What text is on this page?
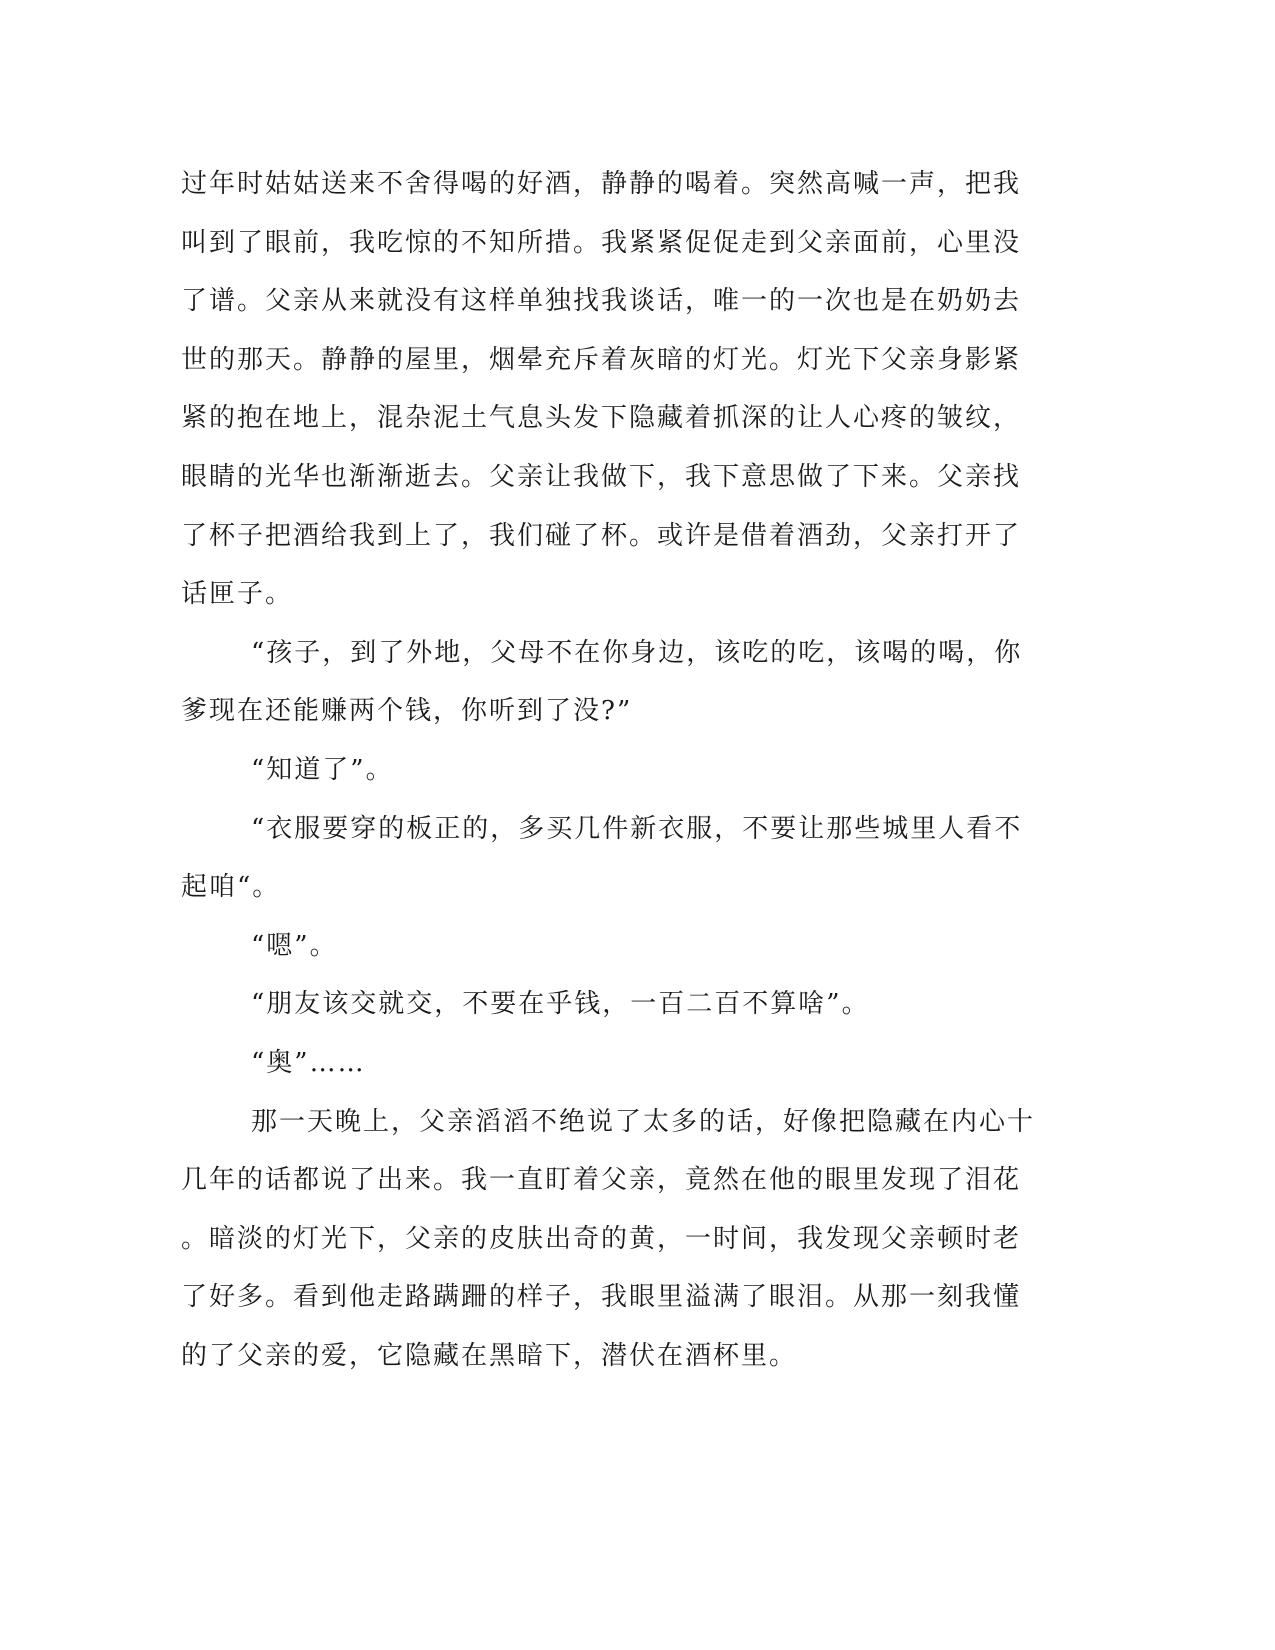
过年时姑姑送来不舍得喝的好酒，静静的喝着。突然高喊一声，把我
叫到了眼前，我吃惊的不知所措。我紧紧促促走到父亲面前，心里没
了谱。父亲从来就没有这样单独找我谈话，唯一的一次也是在奶奶去
世的那天。静静的屋里，烟晕充斥着灰暗的灯光。灯光下父亲身影紧
紧的抱在地上，混杂泥土气息头发下隐藏着抓深的让人心疼的皱纹，
眼睛的光华也渐渐逝去。父亲让我做下，我下意思做了下来。父亲找
了杯子把酒给我到上了，我们碰了杯。或许是借着酒劲，父亲打开了
话匣子。
“孩子，到了外地，父母不在你身边，该吃的吃，该喝的喝，你
爹现在还能赚两个钱，你听到了没?”
“知道了”。
“衣服要穿的板正的，多买几件新衣服，不要让那些城里人看不
起咱“。
“嗯”。
“朋友该交就交，不要在乎钱，一百二百不算啥”。
“奥”……
那一天晚上，父亲滔滔不绝说了太多的话，好像把隐藏在内心十
几年的话都说了出来。我一直盯着父亲，竟然在他的眼里发现了泪花
。暗淡的灯光下，父亲的皮肤出奇的黄，一时间，我发现父亲顿时老
了好多。看到他走路蹒跚的样子，我眼里溢满了眼泪。从那一刻我懂
的了父亲的爱，它隐藏在黑暗下，潜伏在酒杯里。
